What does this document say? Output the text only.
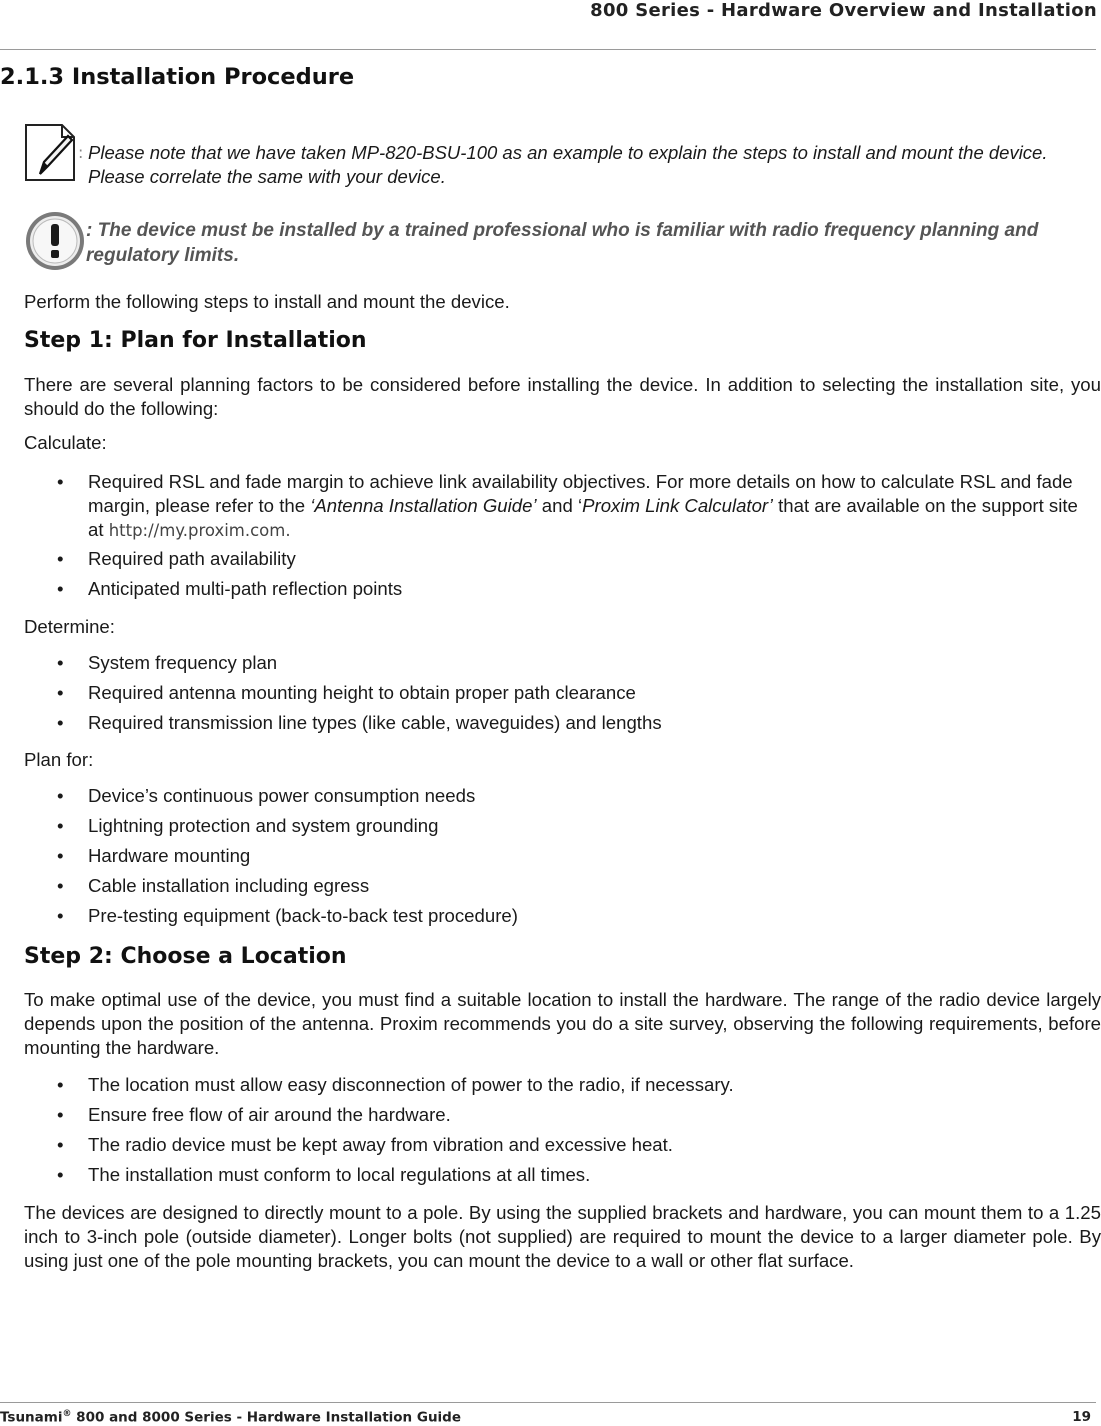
800 Series - Hardware Overview and Installation
2.1.3 Installation Procedure
: Please note that we have taken MP-820-BSU-100 as an example to explain the steps to install and mount the device. Please correlate the same with your device.

: The device must be installed by a trained professional who is familiar with radio frequency planning and regulatory limits.

Perform the following steps to install and mount the device.

Step 1: Plan for Installation

There are several planning factors to be considered before installing the device. In addition to selecting the installation site, you should do the following:

Calculate:

• Required RSL and fade margin to achieve link availability objectives. For more details on how to calculate RSL and fade margin, please refer to the ‘Antenna Installation Guide’ and ‘Proxim Link Calculator’ that are available on the support site at http://my.proxim.com.
• Required path availability
• Anticipated multi-path reflection points

Determine:

• System frequency plan
• Required antenna mounting height to obtain proper path clearance
• Required transmission line types (like cable, waveguides) and lengths

Plan for:

• Device’s continuous power consumption needs
• Lightning protection and system grounding
• Hardware mounting
• Cable installation including egress
• Pre-testing equipment (back-to-back test procedure)
Step 2: Choose a Location

To make optimal use of the device, you must find a suitable location to install the hardware. The range of the radio device largely depends upon the position of the antenna. Proxim recommends you do a site survey, observing the following requirements, before mounting the hardware.

• The location must allow easy disconnection of power to the radio, if necessary.
• Ensure free flow of air around the hardware.
• The radio device must be kept away from vibration and excessive heat.
• The installation must conform to local regulations at all times.

The devices are designed to directly mount to a pole. By using the supplied brackets and hardware, you can mount them to a 1.25 inch to 3-inch pole (outside diameter). Longer bolts (not supplied) are required to mount the device to a larger diameter pole. By using just one of the pole mounting brackets, you can mount the device to a wall or other flat surface.

Tsunami® 800 and 8000 Series - Hardware Installation Guide	19
